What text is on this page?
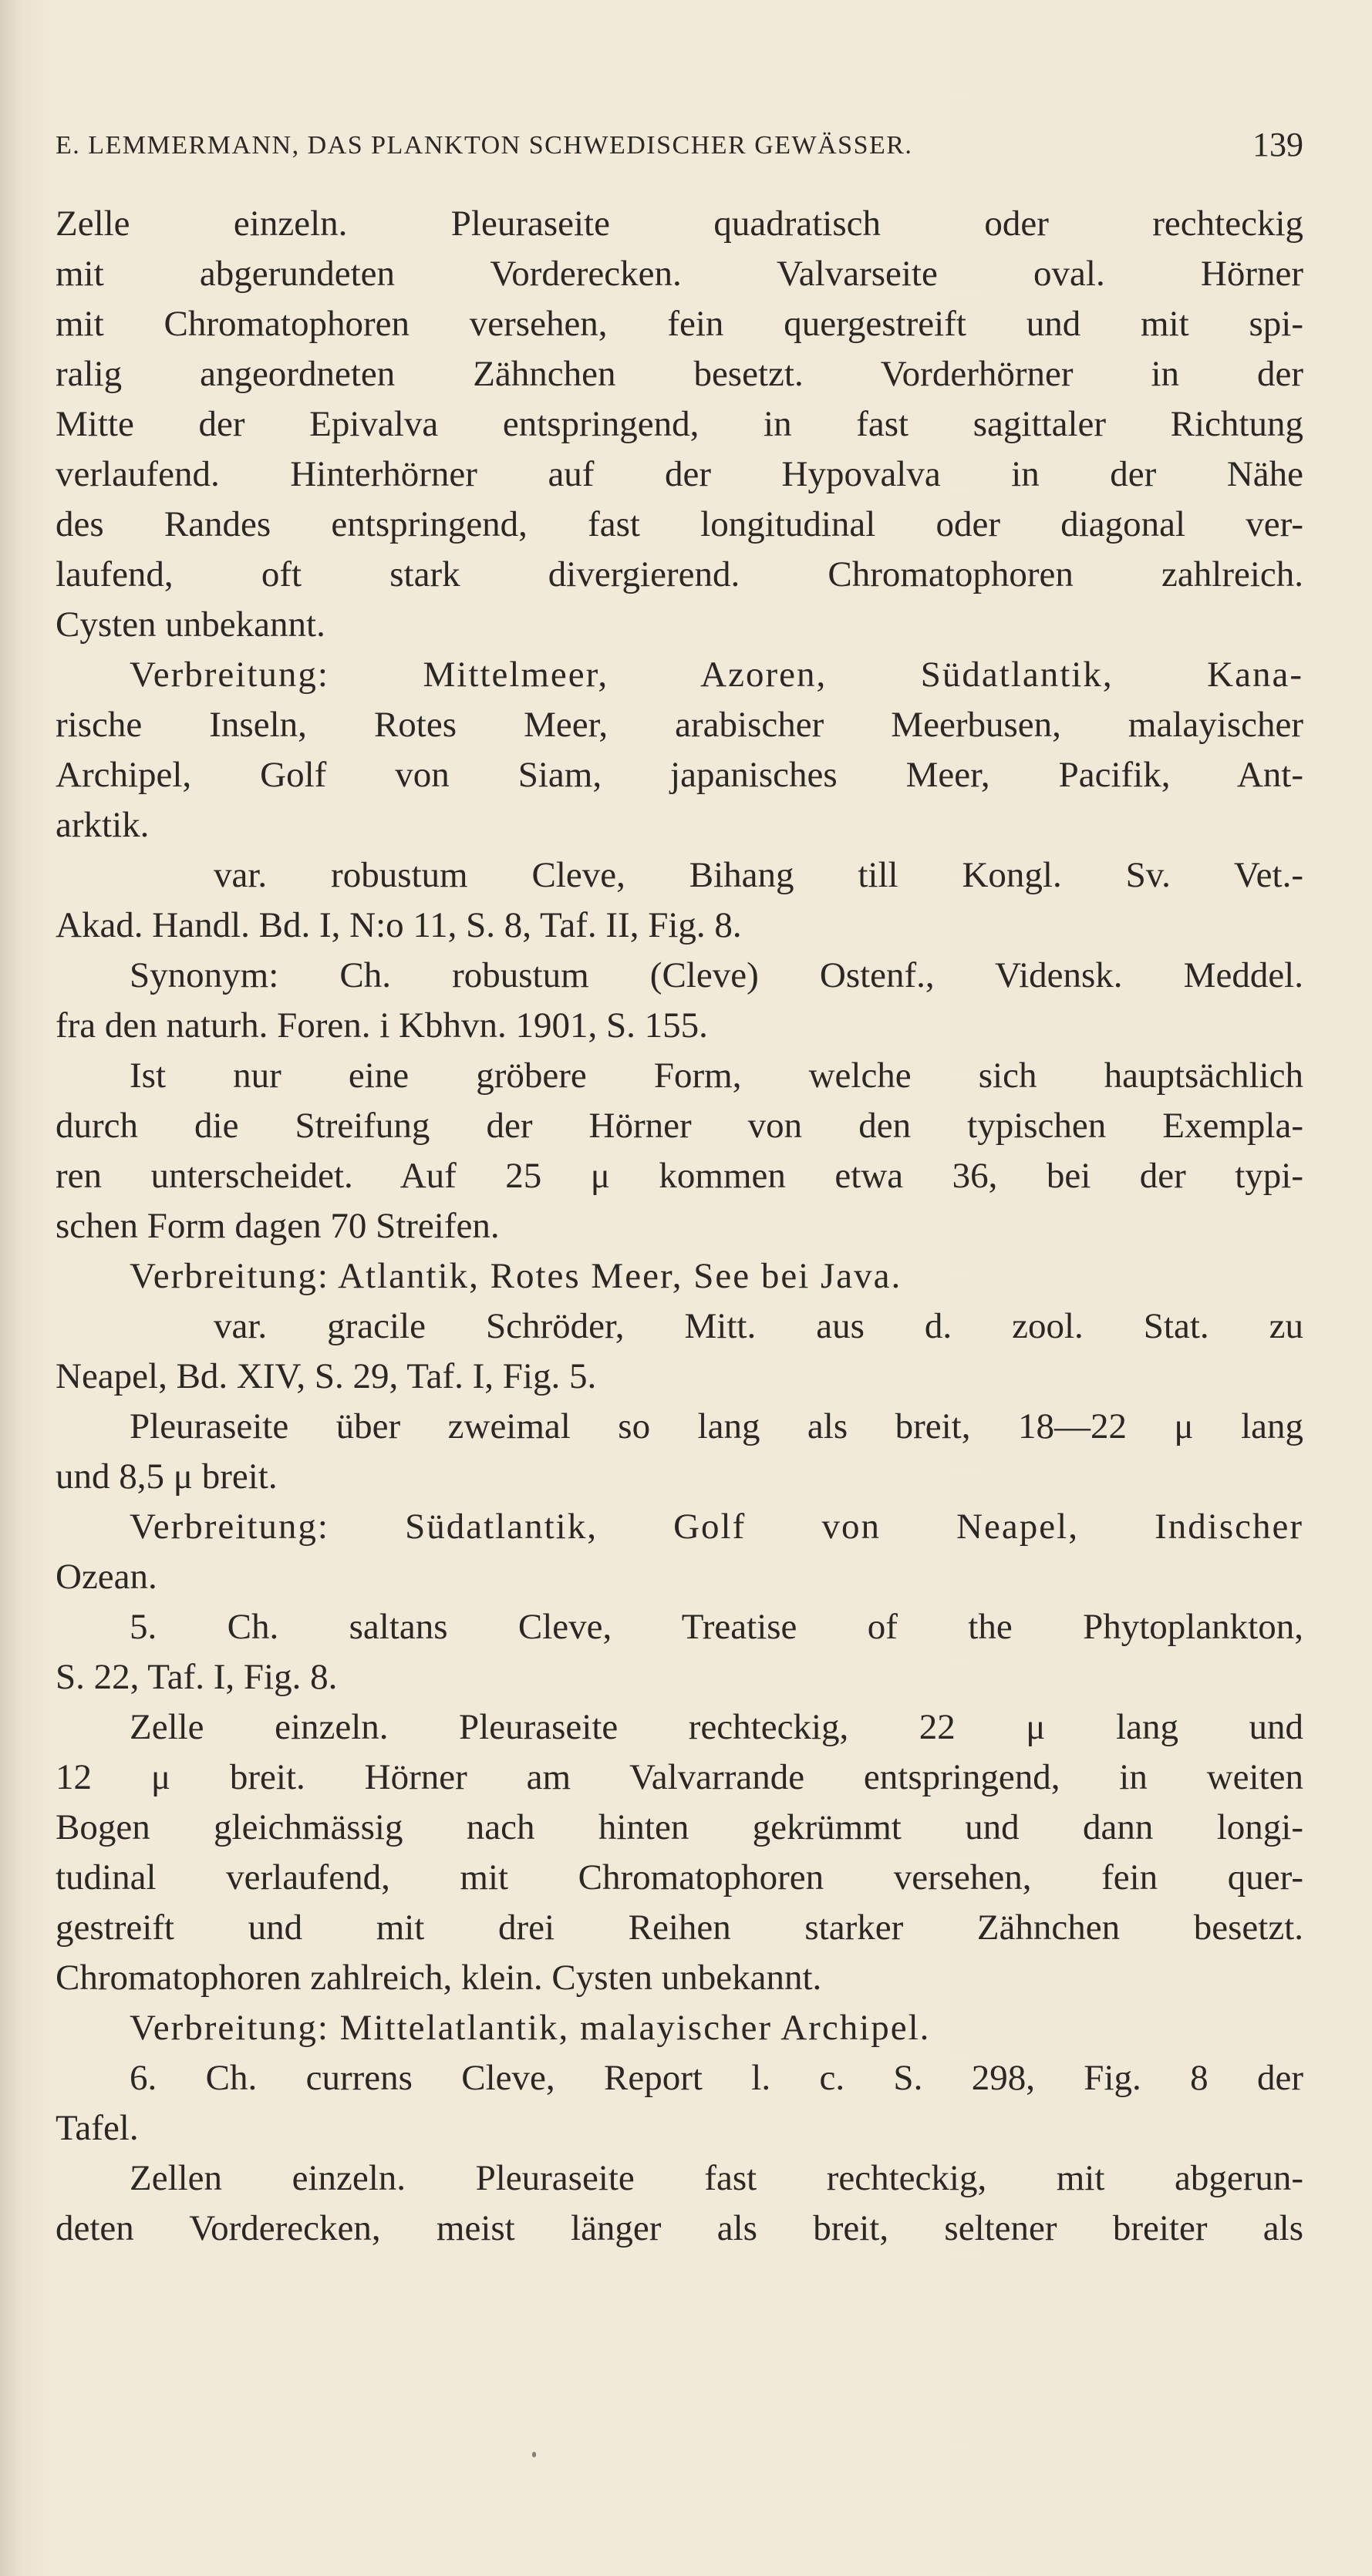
E. LEMMERMANN, DAS PLANKTON SCHWEDISCHER GEWÄSSER.	139
Zelle einzeln. Pleuraseite quadratisch oder rechteckig
mit abgerundeten Vorderecken. Valvarseite oval. Hörner
mit Chromatophoren versehen, fein quergestreift und mit spi-
ralig angeordneten Zähnchen besetzt. Vorderhörner in der
Mitte der Epivalva entspringend, in fast sagittaler Richtung
verlaufend. Hinterhörner auf der Hypovalva in der Nähe
des Randes entspringend, fast longitudinal oder diagonal ver-
laufend, oft stark divergierend. Chromatophoren zahlreich.
Cysten unbekannt.
Verbreitung: Mittelmeer, Azoren, Südatlantik, Kana-
rische Inseln, Rotes Meer, arabischer Meerbusen, malayischer
Archipel, Golf von Siam, japanisches Meer, Pacifik, Ant-
arktik.
var. robustum Cleve, Bihang till Kongl. Sv. Vet.-
Akad. Handl. Bd. I, N:o 11, S. 8, Taf. II, Fig. 8.
Synonym: Ch. robustum (Cleve) Ostenf., Vidensk. Meddel.
fra den naturh. Foren. i Kbhvn. 1901, S. 155.
Ist nur eine gröbere Form, welche sich hauptsächlich
durch die Streifung der Hörner von den typischen Exempla-
ren unterscheidet. Auf 25 μ kommen etwa 36, bei der typi-
schen Form dagen 70 Streifen.
Verbreitung: Atlantik, Rotes Meer, See bei Java.
var. gracile Schröder, Mitt. aus d. zool. Stat. zu
Neapel, Bd. XIV, S. 29, Taf. I, Fig. 5.
Pleuraseite über zweimal so lang als breit, 18—22 μ lang
und 8,5 μ breit.
Verbreitung: Südatlantik, Golf von Neapel, Indischer
Ozean.
5. Ch. saltans Cleve, Treatise of the Phytoplankton,
S. 22, Taf. I, Fig. 8.
Zelle einzeln. Pleuraseite rechteckig, 22 μ lang und
12 μ breit. Hörner am Valvarrande entspringend, in weiten
Bogen gleichmässig nach hinten gekrümmt und dann longi-
tudinal verlaufend, mit Chromatophoren versehen, fein quer-
gestreift und mit drei Reihen starker Zähnchen besetzt.
Chromatophoren zahlreich, klein. Cysten unbekannt.
Verbreitung: Mittelatlantik, malayischer Archipel.
6. Ch. currens Cleve, Report l. c. S. 298, Fig. 8 der
Tafel.
Zellen einzeln. Pleuraseite fast rechteckig, mit abgerun-
deten Vorderecken, meist länger als breit, seltener breiter als
